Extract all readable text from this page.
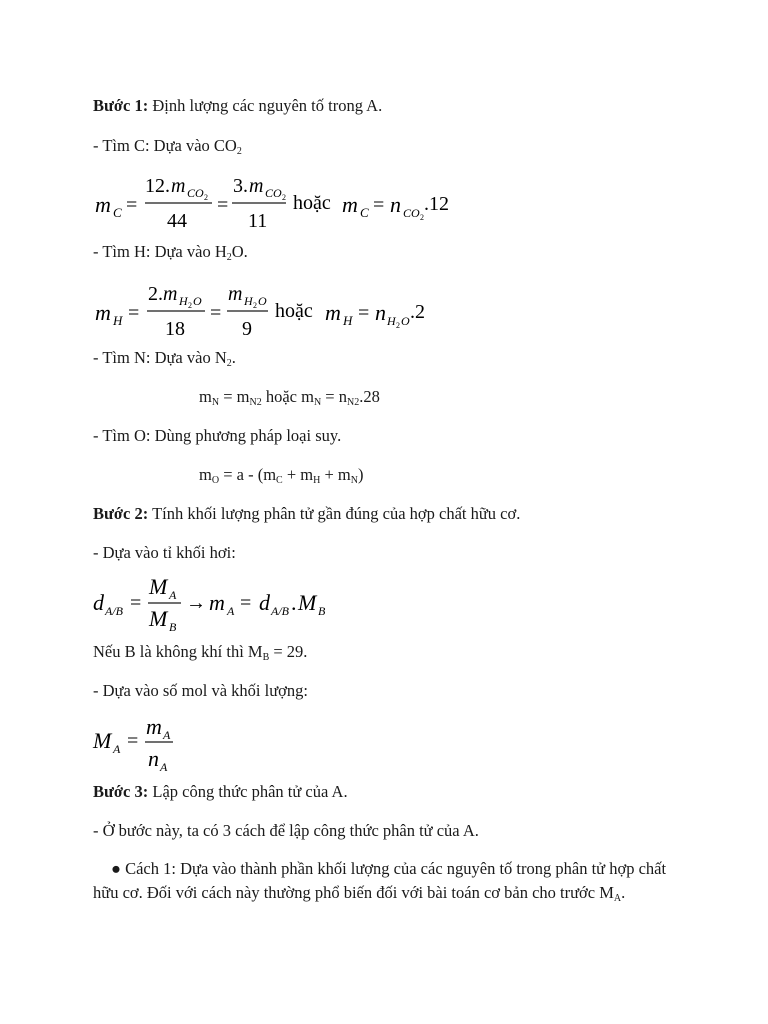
Bước 1: Định lượng các nguyên tố trong A.
- Tìm C: Dựa vào $CO_2$
m C =
12. m CO 2
44
=
3. m CO 2
11
hoặc m C = n CO 2
.12
- Tìm H: Dựa vào $H_2O$.
m H =
2. m H 2 O
18
=
m H 2 O
9
hoặc m H = n H 2 O .2
- Tìm N: Dựa vào $N_2$.
$m_N = m_{N2}$ hoặc $m_N = n_{N2}.28$
- Tìm O: Dùng phương pháp loại suy.
$m_O = a - (m_C + m_H + m_N)$
Bước 2: Tính khối lượng phân tử gần đúng của hợp chất hữu cơ.
- Dựa vào tỉ khối hơi:
d A/B =
M A
M B
→ m A = d A/B . M B
Nếu B là không khí thì $M_B = 29$.
- Dựa vào số mol và khối lượng:
M A =
m A
n A
Bước 3: Lập công thức phân tử của A.
- Ở bước này, ta có 3 cách để lập công thức phân tử của A.
● Cách 1: Dựa vào thành phần khối lượng của các nguyên tố trong phân tử hợp chất hữu cơ. Đối với cách này thường phổ biến đối với bài toán cơ bản cho trước $M_A$.
